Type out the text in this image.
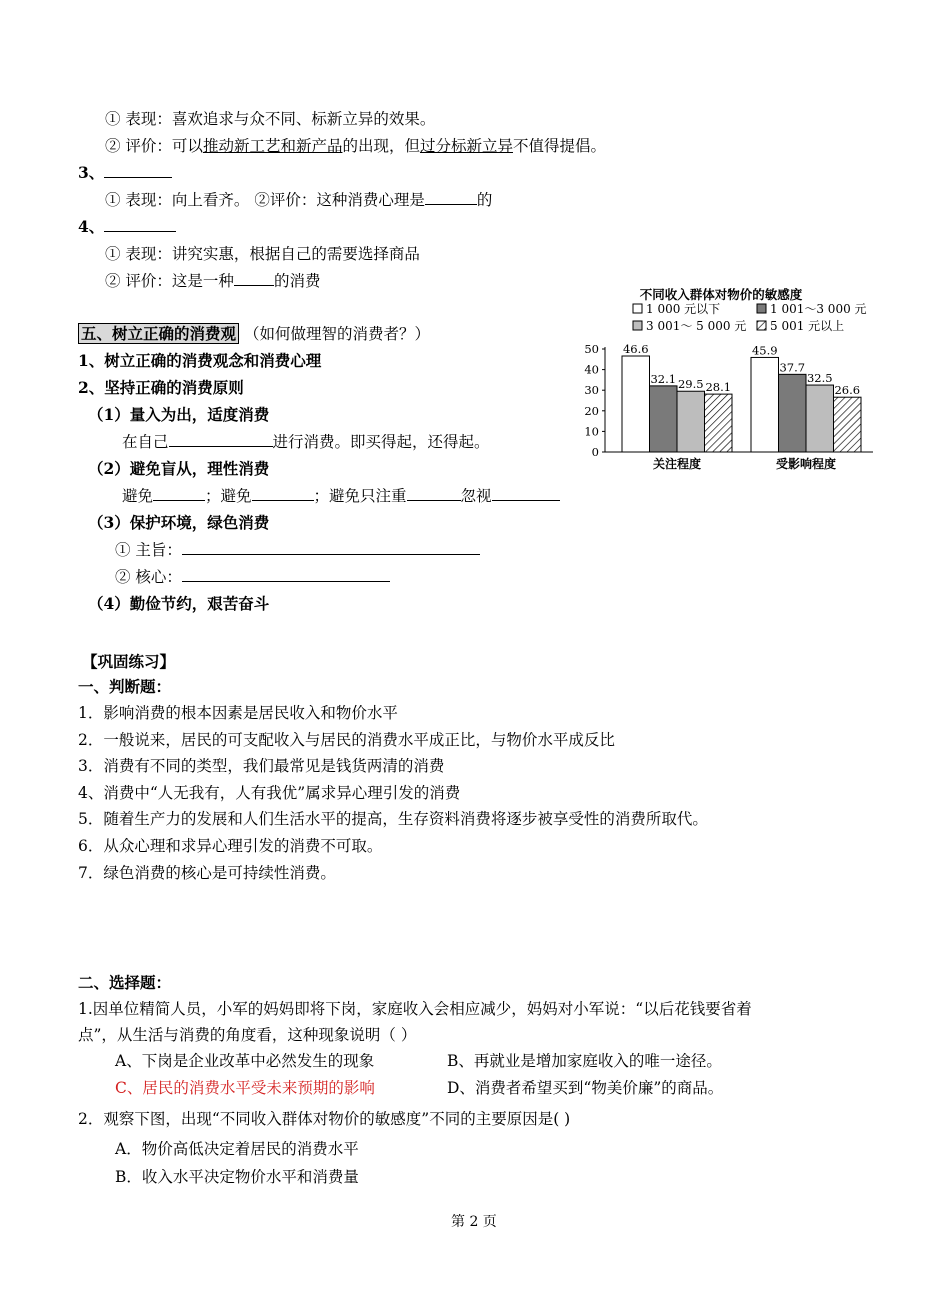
① 表现：喜欢追求与众不同、标新立异的效果。
② 评价：可以推动新工艺和新产品的出现，但过分标新立异不值得提倡。
3、
① 表现：向上看齐。 ②评价：这种消费心理是	的
4、
① 表现：讲究实惠，根据自己的需要选择商品
② 评价：这是一种	的消费
五、树立正确的消费观 （如何做理智的消费者？）
1、树立正确的消费观念和消费心理
2、坚持正确的消费原则
（1）量入为出，适度消费
在自己	进行消费。即买得起，还得起。
（2）避免盲从，理性消费
避免	；避免	；避免只注重	忽视
（3）保护环境，绿色消费
① 主旨：
② 核心：
（4）勤俭节约，艰苦奋斗
不同收入群体对物价的敏感度
1 000 元以下	1 001～3 000 元
3 001～ 5 000 元 5 001 元以上
50
40
30
20
10
0
46.6
32.1 29.5 28.1
关注程度
45.9
37.7
32.5
26.6
受影响程度
【巩固练习】
一、判断题：
1．影响消费的根本因素是居民收入和物价水平
2．一般说来，居民的可支配收入与居民的消费水平成正比，与物价水平成反比
3．消费有不同的类型，我们最常见是钱货两清的消费
4、消费中“人无我有，人有我优”属求异心理引发的消费
5．随着生产力的发展和人们生活水平的提高，生存资料消费将逐步被享受性的消费所取代。
6．从众心理和求异心理引发的消费不可取。
7．绿色消费的核心是可持续性消费。
二、选择题：
1.因单位精简人员，小军的妈妈即将下岗，家庭收入会相应减少，妈妈对小军说：“以后花钱要省着
点”，从生活与消费的角度看，这种现象说明（ ）
A、下岗是企业改革中必然发生的现象	B、再就业是增加家庭收入的唯一途径。
C、居民的消费水平受未来预期的影响	D、消费者希望买到“物美价廉”的商品。
2．观察下图，出现“不同收入群体对物价的敏感度”不同的主要原因是( )
A．物价高低决定着居民的消费水平
B．收入水平决定物价水平和消费量
第 2 页
